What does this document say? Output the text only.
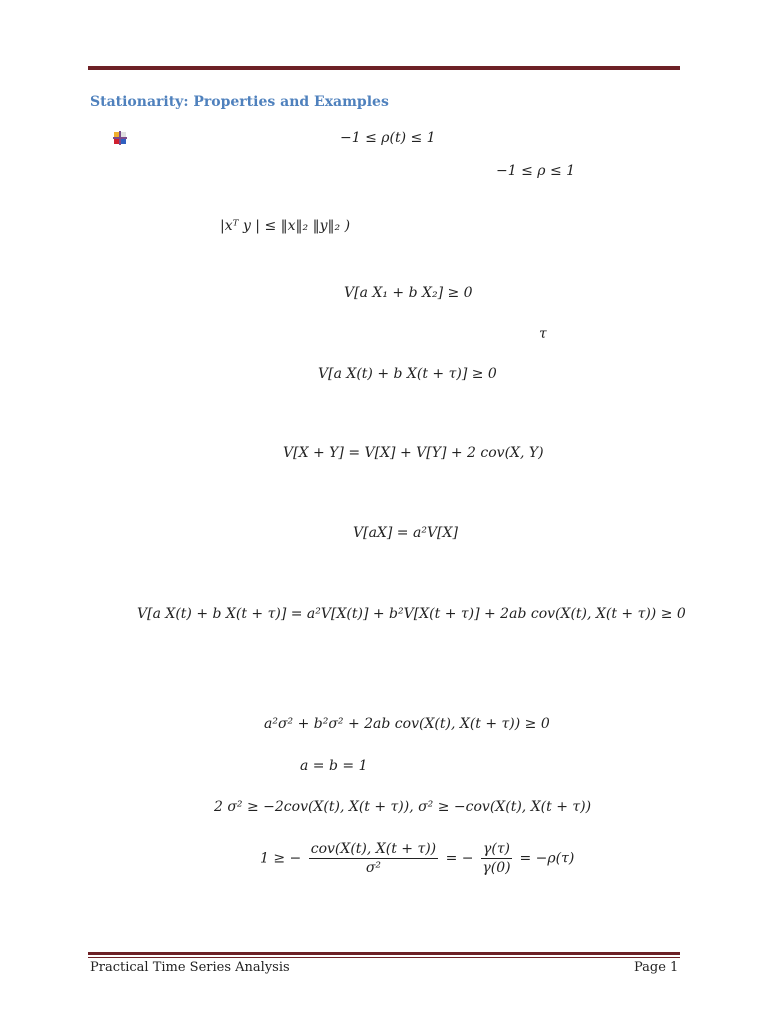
Stationarity: Properties and Examples
−1 ≤ ρ(t) ≤ 1
−1 ≤ ρ ≤ 1
|xᵀ y | ≤ ‖x‖₂ ‖y‖₂ )
V[a X₁ + b X₂] ≥ 0
τ
V[a X(t) + b X(t + τ)] ≥ 0
V[X + Y] = V[X] + V[Y] + 2 cov(X, Y)
V[aX] = a²V[X]
V[a X(t) + b X(t + τ)] = a²V[X(t)] + b²V[X(t + τ)] + 2ab cov(X(t), X(t + τ)) ≥ 0
a²σ² + b²σ² + 2ab cov(X(t), X(t + τ)) ≥ 0
a = b = 1
2 σ² ≥ −2cov(X(t), X(t + τ)), σ² ≥ −cov(X(t), X(t + τ))
1 ≥ − $\frac{\text{cov(X(t), X(t + τ))}}{\text{σ²}}$ = − $\frac{\gamma(\tau)}{\gamma(0)} = -\rho(\tau)$
Practical Time Series Analysis	Page 1
